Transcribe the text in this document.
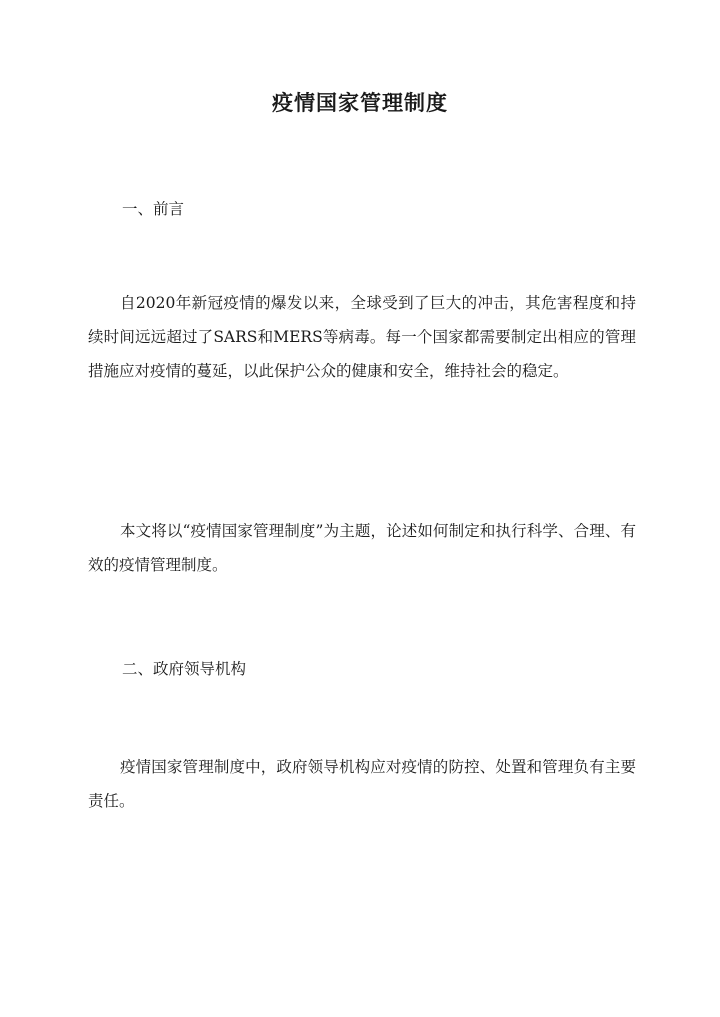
疫情国家管理制度
一、前言

自2020年新冠疫情的爆发以来，全球受到了巨大的冲击，其危害程度和持续时间远远超过了SARS和MERS等病毒。每一个国家都需要制定出相应的管理措施应对疫情的蔓延，以此保护公众的健康和安全，维持社会的稳定。

本文将以“疫情国家管理制度”为主题，论述如何制定和执行科学、合理、有效的疫情管理制度。

二、政府领导机构

疫情国家管理制度中，政府领导机构应对疫情的防控、处置和管理负有主要责任。
